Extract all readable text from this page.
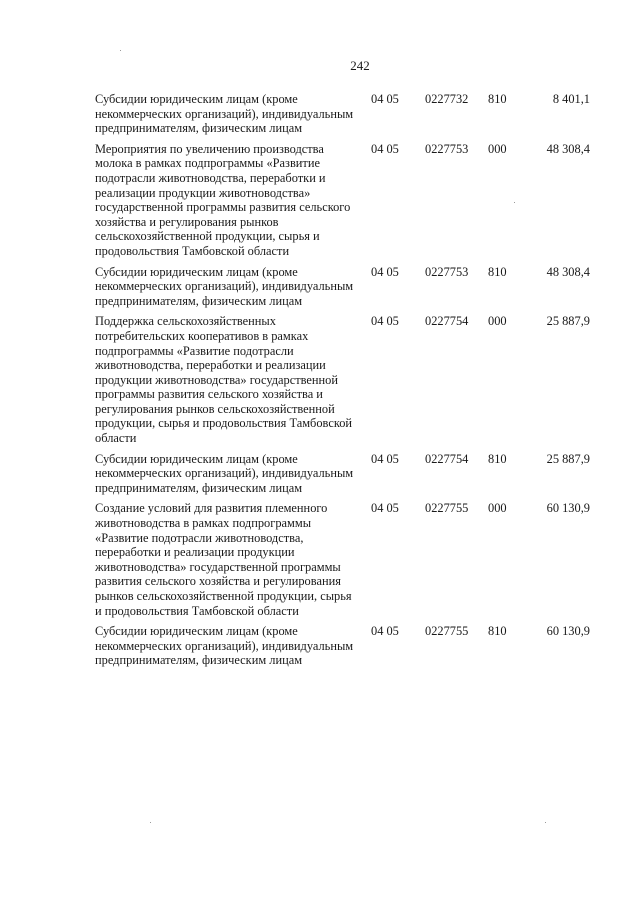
242
Субсидии юридическим лицам (кроме некоммерческих организаций), индивидуальным предпринимателям, физическим лицам
04 05 0227732 810	8 401,1
Мероприятия по увеличению производства молока в рамках подпрограммы «Развитие подотрасли животноводства, переработки и реализации продукции животноводства» государственной программы развития сельского хозяйства и регулирования рынков сельскохозяйственной продукции, сырья и продовольствия Тамбовской области
04 05 0227753 000	48 308,4
Субсидии юридическим лицам (кроме некоммерческих организаций), индивидуальным предпринимателям, физическим лицам
04 05 0227753 810	48 308,4
Поддержка сельскохозяйственных потребительских кооперативов в рамках подпрограммы «Развитие подотрасли животноводства, переработки и реализации продукции животноводства» государственной программы развития сельского хозяйства и регулирования рынков сельскохозяйственной продукции, сырья и продовольствия Тамбовской области
04 05 0227754 000	25 887,9
Субсидии юридическим лицам (кроме некоммерческих организаций), индивидуальным предпринимателям, физическим лицам
04 05 0227754 810	25 887,9
Создание условий для развития племенного животноводства в рамках подпрограммы «Развитие подотрасли животноводства, переработки и реализации продукции животноводства» государственной программы развития сельского хозяйства и регулирования рынков сельскохозяйственной продукции, сырья и продовольствия Тамбовской области
04 05 0227755 000	60 130,9
Субсидии юридическим лицам (кроме некоммерческих организаций), индивидуальным предпринимателям, физическим лицам
04 05 0227755 810	60 130,9
